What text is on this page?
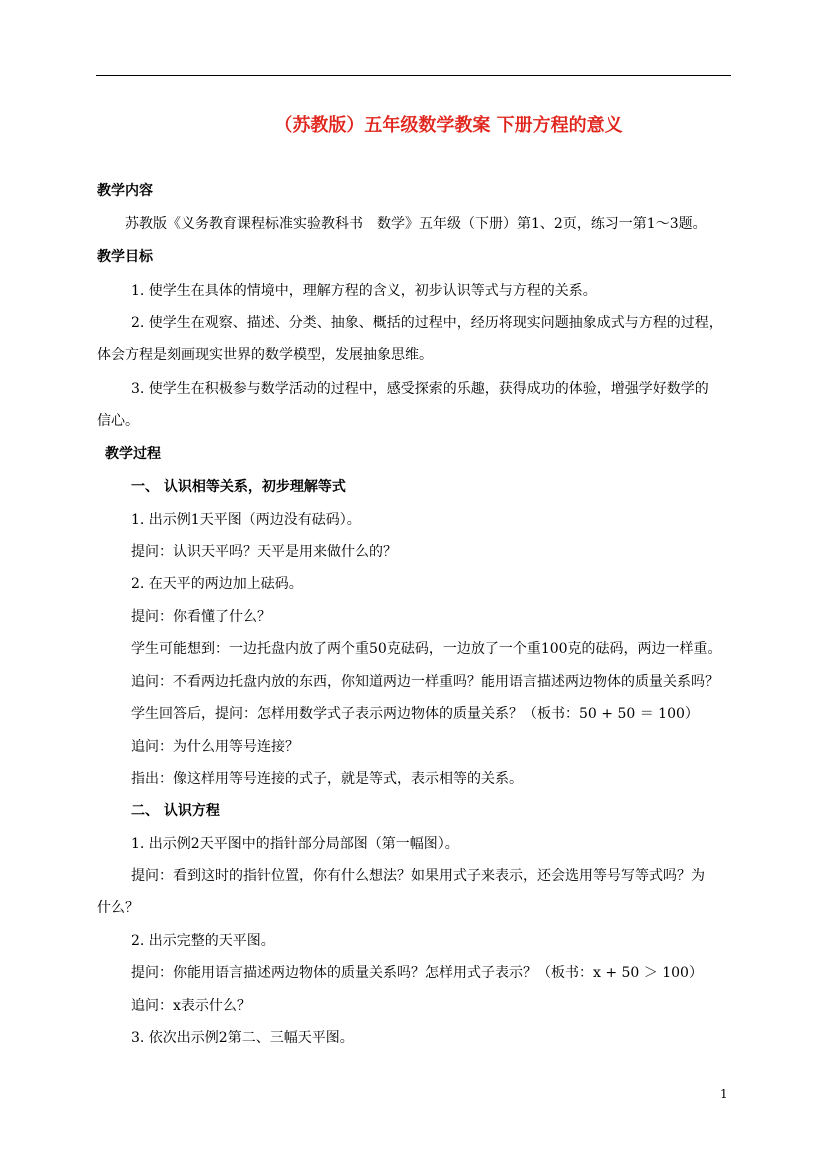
（苏教版）五年级数学教案 下册方程的意义
教学内容
苏教版《义务教育课程标准实验教科书　数学》五年级（下册）第1、2页，练习一第1～3题。
教学目标
1. 使学生在具体的情境中，理解方程的含义，初步认识等式与方程的关系。
2. 使学生在观察、描述、分类、抽象、概括的过程中，经历将现实问题抽象成式与方程的过程，
体会方程是刻画现实世界的数学模型，发展抽象思维。
3. 使学生在积极参与数学活动的过程中，感受探索的乐趣，获得成功的体验，增强学好数学的
信心。
教学过程
一、 认识相等关系，初步理解等式
1. 出示例1天平图（两边没有砝码）。
提问：认识天平吗？天平是用来做什么的？
2. 在天平的两边加上砝码。
提问：你看懂了什么？
学生可能想到：一边托盘内放了两个重50克砝码，一边放了一个重100克的砝码，两边一样重。
追问：不看两边托盘内放的东西，你知道两边一样重吗？能用语言描述两边物体的质量关系吗？
学生回答后，提问：怎样用数学式子表示两边物体的质量关系？（板书：50 + 50 ＝ 100）
追问：为什么用等号连接？
指出：像这样用等号连接的式子，就是等式，表示相等的关系。
二、 认识方程
1. 出示例2天平图中的指针部分局部图（第一幅图）。
提问：看到这时的指针位置，你有什么想法？如果用式子来表示，还会选用等号写等式吗？为
什么？
2. 出示完整的天平图。
提问：你能用语言描述两边物体的质量关系吗？怎样用式子表示？（板书：x + 50 ＞ 100）
追问：x表示什么？
3. 依次出示例2第二、三幅天平图。
1
